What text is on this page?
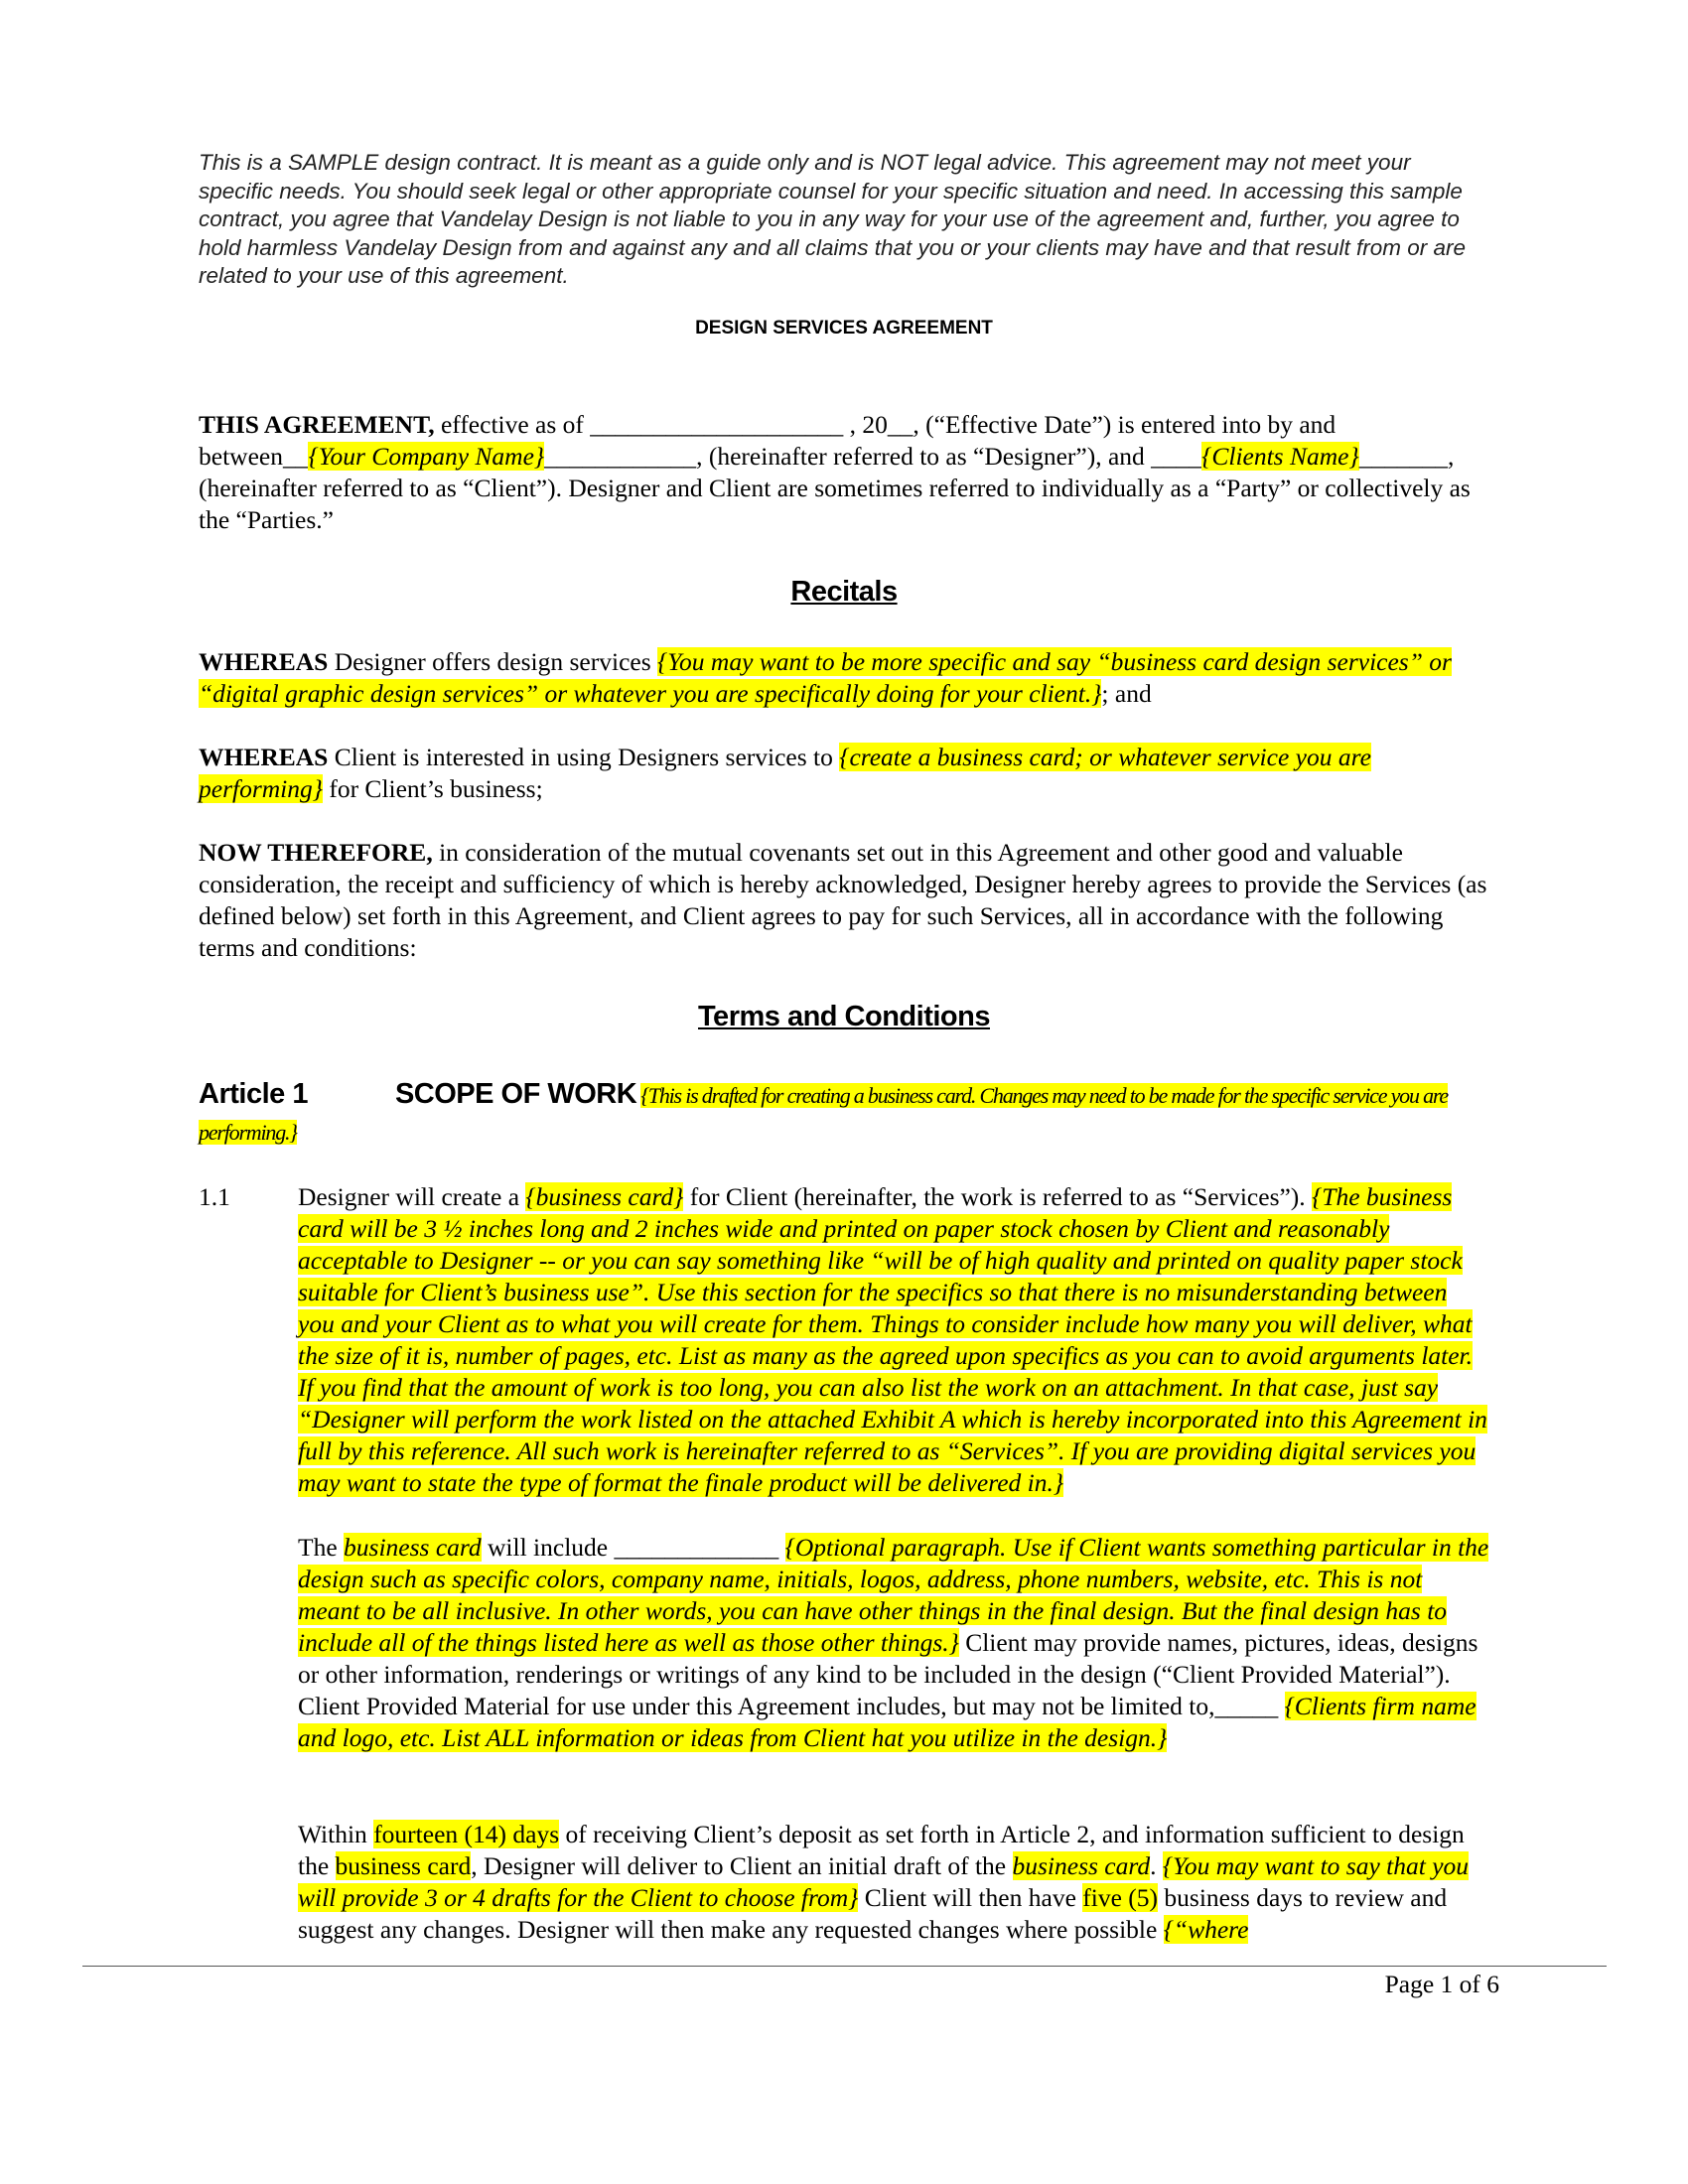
This is a SAMPLE design contract. It is meant as a guide only and is NOT legal advice. This agreement may not meet your specific needs. You should seek legal or other appropriate counsel for your specific situation and need. In accessing this sample contract, you agree that Vandelay Design is not liable to you in any way for your use of the agreement and, further, you agree to hold harmless Vandelay Design from and against any and all claims that you or your clients may have and that result from or are related to your use of this agreement.
DESIGN SERVICES AGREEMENT
THIS AGREEMENT, effective as of ____________________ , 20__, (“Effective Date”) is entered into by and between__{Your Company Name}____________, (hereinafter referred to as “Designer”), and ____{Clients Name}_______, (hereinafter referred to as “Client”). Designer and Client are sometimes referred to individually as a “Party” or collectively as the “Parties.”
Recitals
WHEREAS Designer offers design services {You may want to be more specific and say “business card design services” or “digital graphic design services” or whatever you are specifically doing for your client.}; and
WHEREAS Client is interested in using Designers services to {create a business card; or whatever service you are performing} for Client’s business;
NOW THEREFORE, in consideration of the mutual covenants set out in this Agreement and other good and valuable consideration, the receipt and sufficiency of which is hereby acknowledged, Designer hereby agrees to provide the Services (as defined below) set forth in this Agreement, and Client agrees to pay for such Services, all in accordance with the following terms and conditions:
Terms and Conditions
Article 1	SCOPE OF WORK {This is drafted for creating a business card. Changes may need to be made for the specific service you are performing.}
1.1	Designer will create a {business card} for Client (hereinafter, the work is referred to as “Services”). {The business card will be 3 ½ inches long and 2 inches wide and printed on paper stock chosen by Client and reasonably acceptable to Designer -- or you can say something like “will be of high quality and printed on quality paper stock suitable for Client’s business use”. Use this section for the specifics so that there is no misunderstanding between you and your Client as to what you will create for them. Things to consider include how many you will deliver, what the size of it is, number of pages, etc. List as many as the agreed upon specifics as you can to avoid arguments later. If you find that the amount of work is too long, you can also list the work on an attachment. In that case, just say “Designer will perform the work listed on the attached Exhibit A which is hereby incorporated into this Agreement in full by this reference. All such work is hereinafter referred to as “Services”. If you are providing digital services you may want to state the type of format the finale product will be delivered in.}
The business card will include _____________ {Optional paragraph. Use if Client wants something particular in the design such as specific colors, company name, initials, logos, address, phone numbers, website, etc. This is not meant to be all inclusive. In other words, you can have other things in the final design. But the final design has to include all of the things listed here as well as those other things.} Client may provide names, pictures, ideas, designs or other information, renderings or writings of any kind to be included in the design (“Client Provided Material”). Client Provided Material for use under this Agreement includes, but may not be limited to,_____ {Clients firm name and logo, etc. List ALL information or ideas from Client hat you utilize in the design.}
Within fourteen (14) days of receiving Client’s deposit as set forth in Article 2, and information sufficient to design the business card, Designer will deliver to Client an initial draft of the business card. {You may want to say that you will provide 3 or 4 drafts for the Client to choose from} Client will then have five (5) business days to review and suggest any changes. Designer will then make any requested changes where possible {“where
Page 1 of 6
